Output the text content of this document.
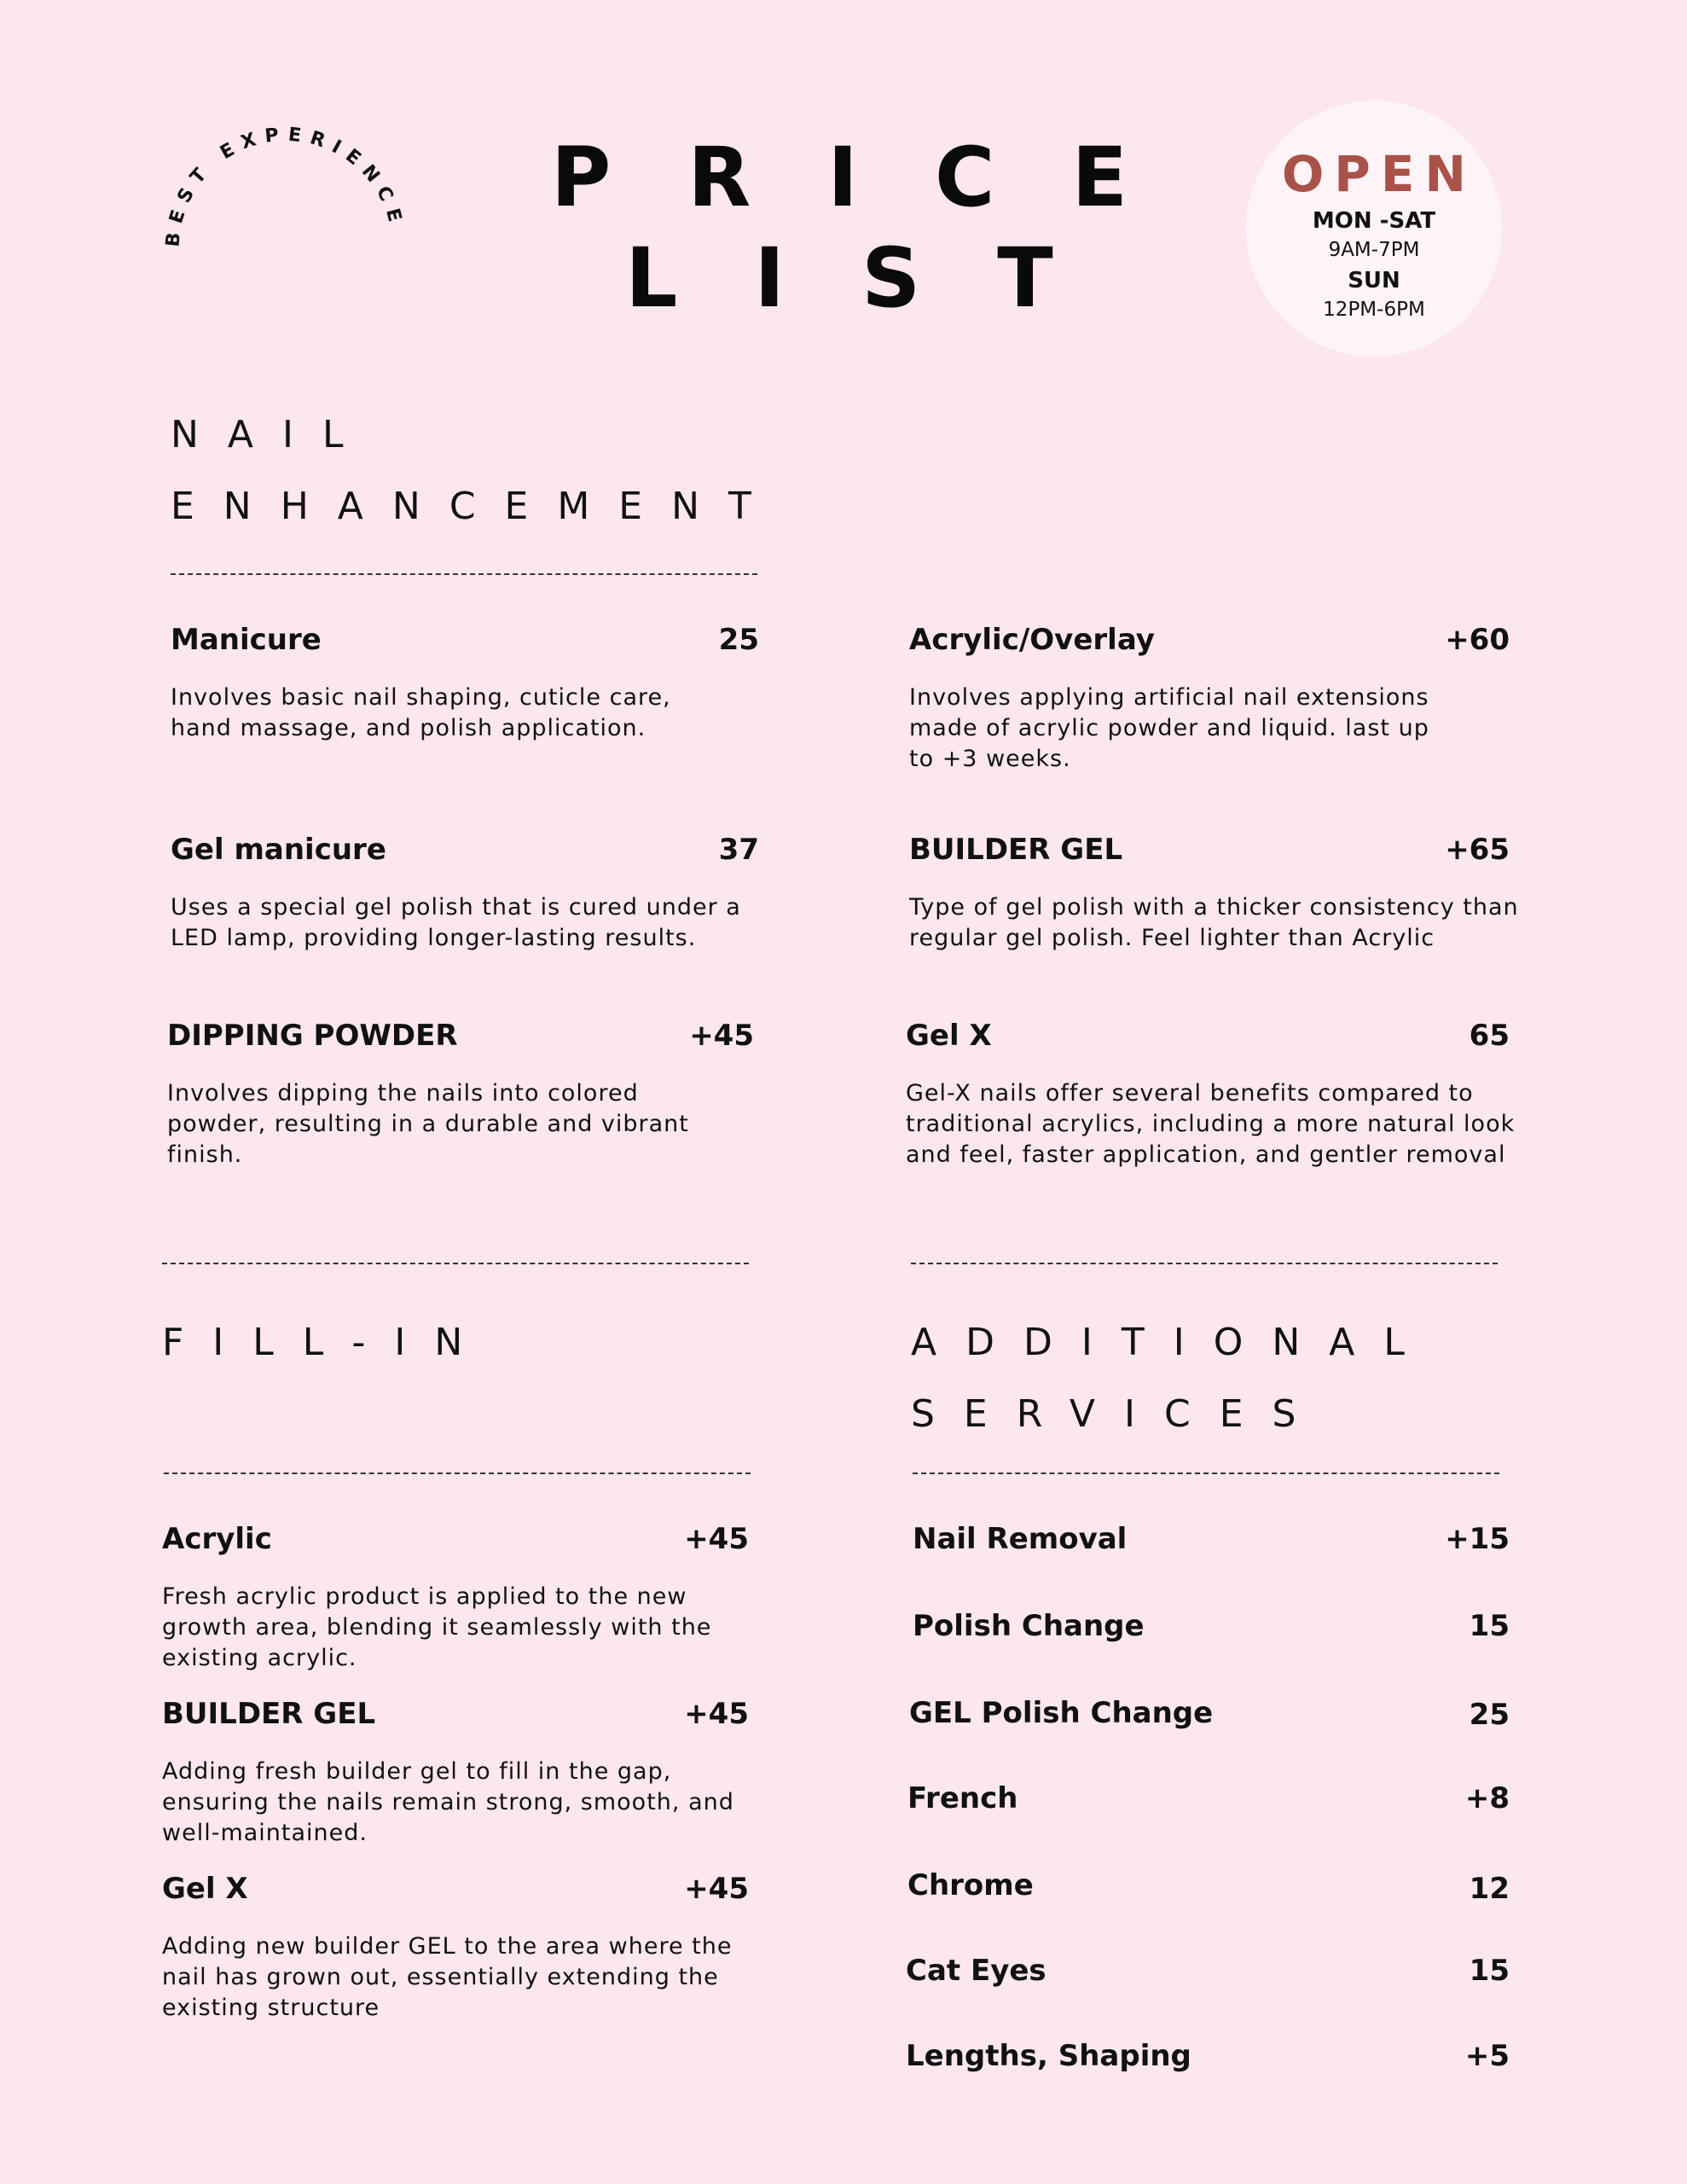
BEST EXPERIENCE	PRICE
LIST
OPEN
MON -SAT
9AM-7PM
SUN
12PM-6PM
NAIL
ENHANCEMENT
Manicure	25
Involves basic nail shaping, cuticle care, hand massage, and polish application.
Acrylic/Overlay	+60
Involves applying artificial nail extensions made of acrylic powder and liquid. last up to +3 weeks.
Gel manicure	37
Uses a special gel polish that is cured under a LED lamp, providing longer-lasting results.
BUILDER GEL	+65
Type of gel polish with a thicker consistency than regular gel polish. Feel lighter than Acrylic
DIPPING POWDER	+45
Involves dipping the nails into colored powder, resulting in a durable and vibrant finish.
Gel X	65
Gel-X nails offer several benefits compared to traditional acrylics, including a more natural look and feel, faster application, and gentler removal
FILL-IN	ADDITIONAL
SERVICES
Acrylic	+45
Fresh acrylic product is applied to the new growth area, blending it seamlessly with the existing acrylic.
BUILDER GEL	+45
Adding fresh builder gel to fill in the gap, ensuring the nails remain strong, smooth, and well-maintained.
Gel X	+45
Adding new builder GEL to the area where the nail has grown out, essentially extending the existing structure
Nail Removal	+15
Polish Change	15
GEL Polish Change	25
French	+8
Chrome	12
Cat Eyes	15
Lengths, Shaping	+5
